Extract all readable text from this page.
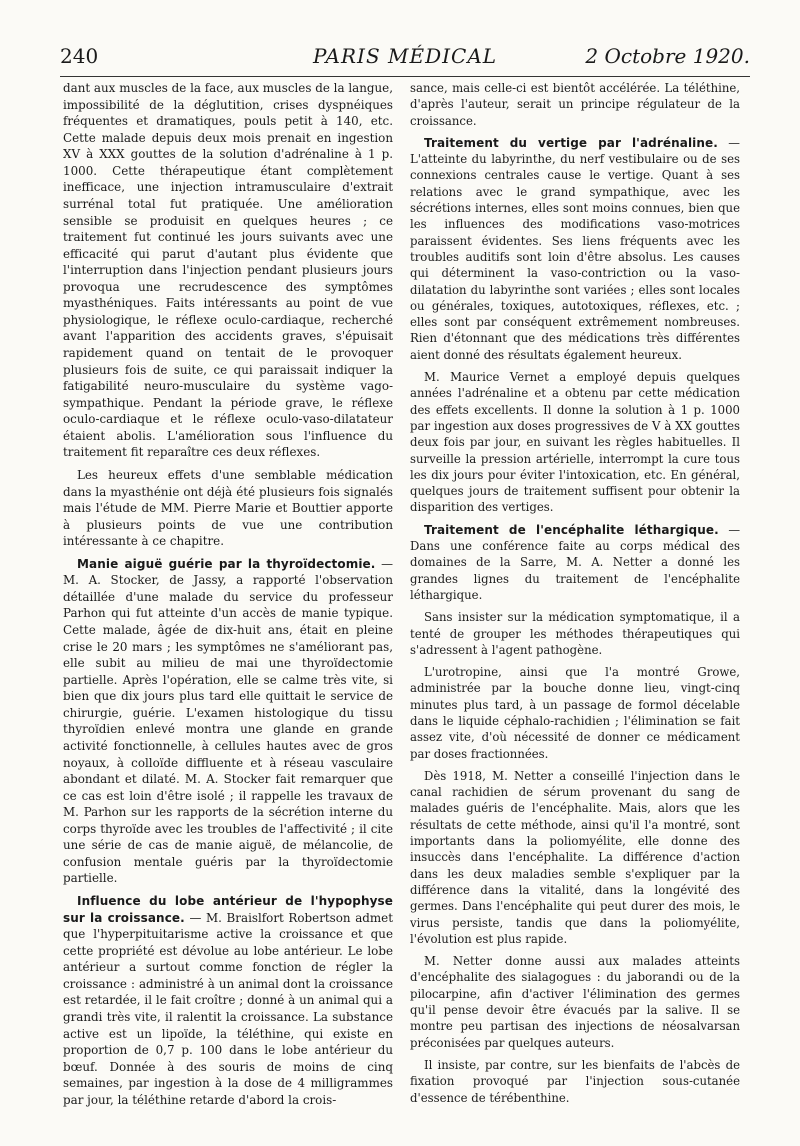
240	PARIS MÉDICAL	2 Octobre 1920.

dant aux muscles de la face, aux muscles de la langue, impossibilité de la déglutition, crises dyspnéiques fréquentes et dramatiques, pouls petit à 140, etc. Cette malade depuis deux mois prenait en ingestion XV à XXX gouttes de la solution d'adrénaline à 1 p. 1000. Cette thérapeutique étant complètement inefficace, une injection intramusculaire d'extrait surrénal total fut pratiquée. Une amélioration sensible se produisit en quelques heures ; ce traitement fut continué les jours suivants avec une efficacité qui parut d'autant plus évidente que l'interruption dans l'injection pendant plusieurs jours provoqua une recrudescence des symptômes myasthéniques. Faits intéressants au point de vue physiologique, le réflexe oculo-cardiaque, recherché avant l'apparition des accidents graves, s'épuisait rapidement quand on tentait de le provoquer plusieurs fois de suite, ce qui paraissait indiquer la fatigabilité neuro-musculaire du système vago-sympathique. Pendant la période grave, le réflexe oculo-cardiaque et le réflexe oculo-vaso-dilatateur étaient abolis. L'amélioration sous l'influence du traitement fit reparaître ces deux réflexes.

Les heureux effets d'une semblable médication dans la myasthénie ont déjà été plusieurs fois signalés mais l'étude de MM. Pierre Marie et Bouttier apporte à plusieurs points de vue une contribution intéressante à ce chapitre.

Manie aiguë guérie par la thyroïdectomie. — M. A. Stocker, de Jassy, a rapporté l'observation détaillée d'une malade du service du professeur Parhon qui fut atteinte d'un accès de manie typique. Cette malade, âgée de dix-huit ans, était en pleine crise le 20 mars ; les symptômes ne s'améliorant pas, elle subit au milieu de mai une thyroïdectomie partielle. Après l'opération, elle se calme très vite, si bien que dix jours plus tard elle quittait le service de chirurgie, guérie. L'examen histologique du tissu thyroïdien enlevé montra une glande en grande activité fonctionnelle, à cellules hautes avec de gros noyaux, à colloïde diffluente et à réseau vasculaire abondant et dilaté. M. A. Stocker fait remarquer que ce cas est loin d'être isolé ; il rappelle les travaux de M. Parhon sur les rapports de la sécrétion interne du corps thyroïde avec les troubles de l'affectivité ; il cite une série de cas de manie aiguë, de mélancolie, de confusion mentale guéris par la thyroïdectomie partielle.

Influence du lobe antérieur de l'hypophyse sur la croissance. — M. Braislfort Robertson admet que l'hyperpituitarisme active la croissance et que cette propriété est dévolue au lobe antérieur. Le lobe antérieur a surtout comme fonction de régler la croissance : administré à un animal dont la croissance est retardée, il le fait croître ; donné à un animal qui a grandi très vite, il ralentit la croissance. La substance active est un lipoïde, la téléthine, qui existe en proportion de 0,7 p. 100 dans le lobe antérieur du bœuf. Donnée à des souris de moins de cinq semaines, par ingestion à la dose de 4 milligrammes par jour, la téléthine retarde d'abord la crois-

sance, mais celle-ci est bientôt accélérée. La téléthine, d'après l'auteur, serait un principe régulateur de la croissance.

Traitement du vertige par l'adrénaline. — L'atteinte du labyrinthe, du nerf vestibulaire ou de ses connexions centrales cause le vertige. Quant à ses relations avec le grand sympathique, avec les sécrétions internes, elles sont moins connues, bien que les influences des modifications vaso-motrices paraissent évidentes. Ses liens fréquents avec les troubles auditifs sont loin d'être absolus. Les causes qui déterminent la vaso-contriction ou la vaso-dilatation du labyrinthe sont variées ; elles sont locales ou générales, toxiques, autotoxiques, réflexes, etc. ; elles sont par conséquent extrêmement nombreuses. Rien d'étonnant que des médications très différentes aient donné des résultats également heureux.

M. Maurice Vernet a employé depuis quelques années l'adrénaline et a obtenu par cette médication des effets excellents. Il donne la solution à 1 p. 1000 par ingestion aux doses progressives de V à XX gouttes deux fois par jour, en suivant les règles habituelles. Il surveille la pression artérielle, interrompt la cure tous les dix jours pour éviter l'intoxication, etc. En général, quelques jours de traitement suffisent pour obtenir la disparition des vertiges.

Traitement de l'encéphalite léthargique. — Dans une conférence faite au corps médical des domaines de la Sarre, M. A. Netter a donné les grandes lignes du traitement de l'encéphalite léthargique.

Sans insister sur la médication symptomatique, il a tenté de grouper les méthodes thérapeutiques qui s'adressent à l'agent pathogène.

L'urotropine, ainsi que l'a montré Growe, administrée par la bouche donne lieu, vingt-cinq minutes plus tard, à un passage de formol décelable dans le liquide céphalo-rachidien ; l'élimination se fait assez vite, d'où nécessité de donner ce médicament par doses fractionnées.

Dès 1918, M. Netter a conseillé l'injection dans le canal rachidien de sérum provenant du sang de malades guéris de l'encéphalite. Mais, alors que les résultats de cette méthode, ainsi qu'il l'a montré, sont importants dans la poliomyélite, elle donne des insuccès dans l'encéphalite. La différence d'action dans les deux maladies semble s'expliquer par la différence dans la vitalité, dans la longévité des germes. Dans l'encéphalite qui peut durer des mois, le virus persiste, tandis que dans la poliomyélite, l'évolution est plus rapide.

M. Netter donne aussi aux malades atteints d'encéphalite des sialagogues : du jaborandi ou de la pilocarpine, afin d'activer l'élimination des germes qu'il pense devoir être évacués par la salive. Il se montre peu partisan des injections de néosalvarsan préconisées par quelques auteurs.

Il insiste, par contre, sur les bienfaits de l'abcès de fixation provoqué par l'injection sous-cutanée d'essence de térébenthine.
